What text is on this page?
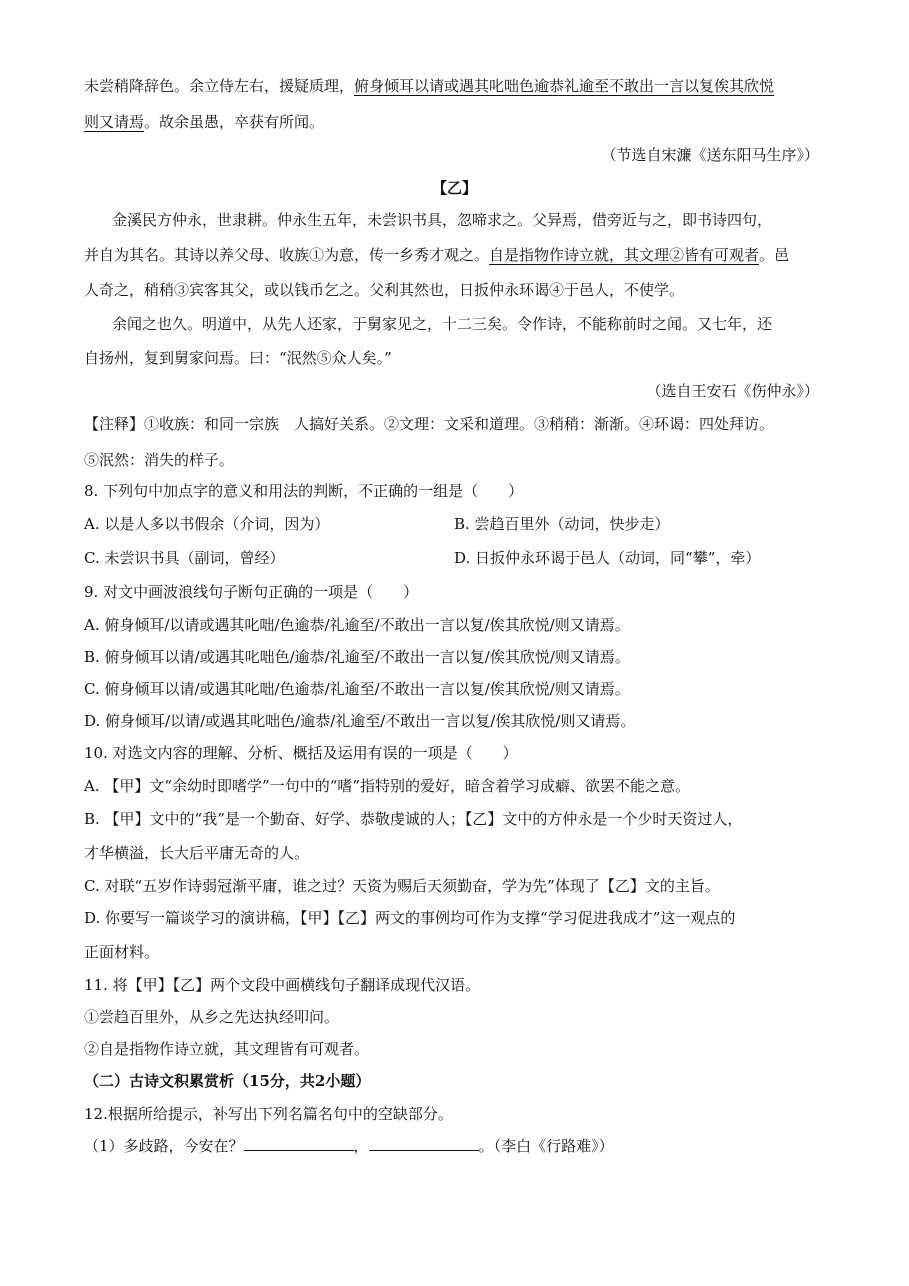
未尝稍降辞色。余立侍左右，援疑质理，俯身倾耳以请或遇其叱咄色逾恭礼逾至不敢出一言以复俟其欣悦
则又请焉。故余虽愚，卒获有所闻。
（节选自宋濂《送东阳马生序》）
【乙】
金溪民方仲永，世隶耕。仲永生五年，未尝识书具，忽啼求之。父异焉，借旁近与之，即书诗四句，
并自为其名。其诗以养父母、收族①为意，传一乡秀才观之。自是指物作诗立就，其文理②皆有可观者。邑
人奇之，稍稍③宾客其父，或以钱币乞之。父利其然也，日扳仲永环谒④于邑人，不使学。
余闻之也久。明道中，从先人还家，于舅家见之，十二三矣。令作诗，不能称前时之闻。又七年，还
自扬州，复到舅家问焉。曰：“泯然⑤众人矣。”
（选自王安石《伤仲永》）
【注释】①收族：和同一宗族　人搞好关系。②文理：文采和道理。③稍稍：渐渐。④环谒：四处拜访。
⑤泯然：消失的样子。
8. 下列句中加点字的意义和用法的判断，不正确的一组是（　　）
A. 以是人多以书假余（介词，因为）	B. 尝趋百里外（动词，快步走）
C. 未尝识书具（副词，曾经）	D. 日扳仲永环谒于邑人（动词，同“攀”，牵）
9. 对文中画波浪线句子断句正确的一项是（　　）
A. 俯身倾耳/以请或遇其叱咄/色逾恭/礼逾至/不敢出一言以复/俟其欣悦/则又请焉。
B. 俯身倾耳以请/或遇其叱咄色/逾恭/礼逾至/不敢出一言以复/俟其欣悦/则又请焉。
C. 俯身倾耳以请/或遇其叱咄/色逾恭/礼逾至/不敢出一言以复/俟其欣悦/则又请焉。
D. 俯身倾耳/以请/或遇其叱咄色/逾恭/礼逾至/不敢出一言以复/俟其欣悦/则又请焉。
10. 对选文内容的理解、分析、概括及运用有误的一项是（　　）
A. 【甲】文“余幼时即嗜学”一句中的“嗜”指特别的爱好，暗含着学习成癖、欲罢不能之意。
B. 【甲】文中的“我”是一个勤奋、好学、恭敬虔诚的人；【乙】文中的方仲永是一个少时天资过人，
才华横溢，长大后平庸无奇的人。
C. 对联“五岁作诗弱冠渐平庸，谁之过？天资为赐后天须勤奋，学为先”体现了【乙】文的主旨。
D. 你要写一篇谈学习的演讲稿，【甲】【乙】两文的事例均可作为支撑“学习促进我成才”这一观点的
正面材料。
11. 将【甲】【乙】两个文段中画横线句子翻译成现代汉语。
①尝趋百里外，从乡之先达执经叩问。
②自是指物作诗立就，其文理皆有可观者。
（二）古诗文积累赏析（15分，共2小题）
12.根据所给提示，补写出下列名篇名句中的空缺部分。
（1）多歧路，今安在？	，	。（李白《行路难》）
